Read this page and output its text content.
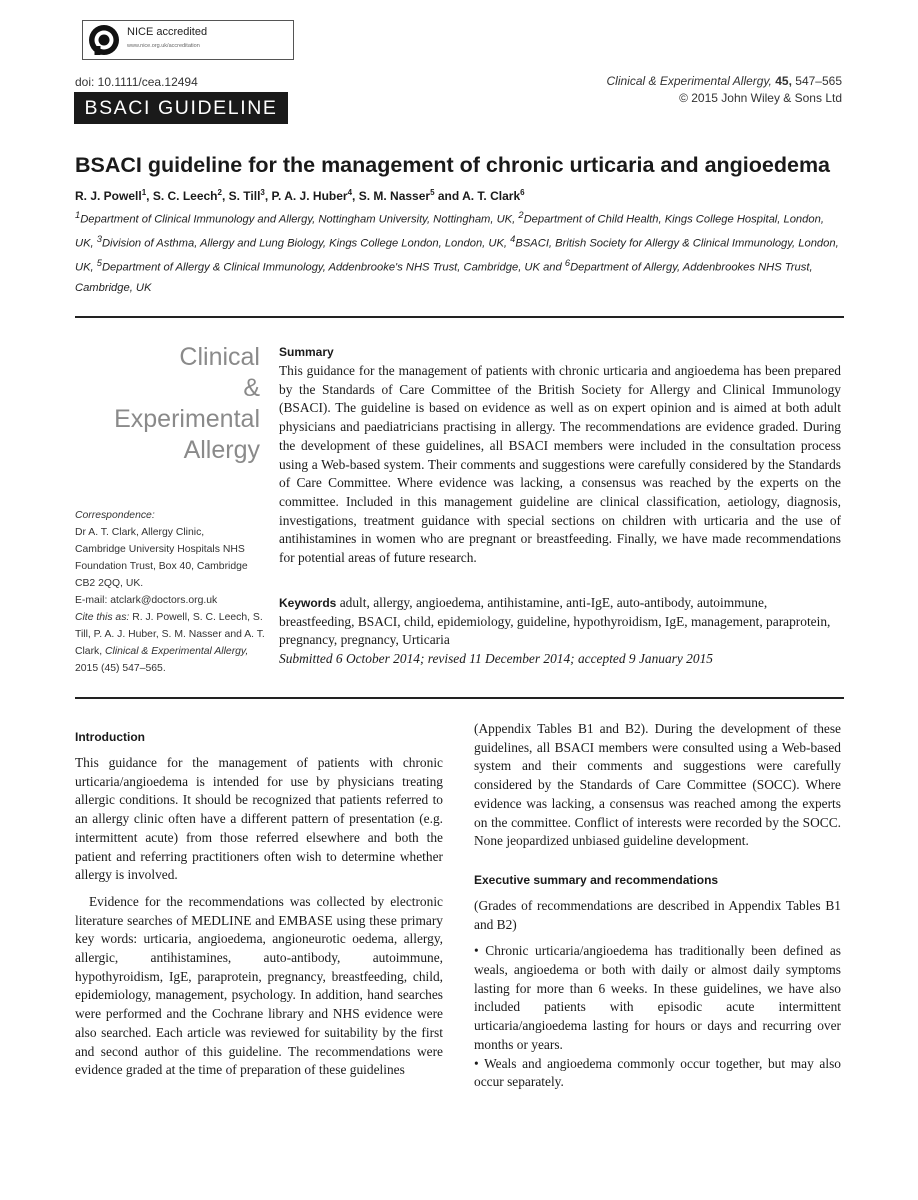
NICE accredited
www.nice.org.uk/accreditation
doi: 10.1111/cea.12494	Clinical & Experimental Allergy, 45, 547–565
© 2015 John Wiley & Sons Ltd
BSACI GUIDELINE
BSACI guideline for the management of chronic urticaria and angioedema
R. J. Powell$^1$, S. C. Leech$^2$, S. Till$^3$, P. A. J. Huber$^4$, S. M. Nasser$^5$ and A. T. Clark$^6$
$^1$Department of Clinical Immunology and Allergy, Nottingham University, Nottingham, UK, $^2$Department of Child Health, Kings College Hospital, London, UK, $^3$Division of Asthma, Allergy and Lung Biology, Kings College London, London, UK, $^4$BSACI, British Society for Allergy & Clinical Immunology, London, UK, $^5$Department of Allergy & Clinical Immunology, Addenbrooke's NHS Trust, Cambridge, UK and $^6$Department of Allergy, Addenbrookes NHS Trust, Cambridge, UK
Clinical
&
Experimental
Allergy
Correspondence:
Dr A. T. Clark, Allergy Clinic,
Cambridge University Hospitals NHS
Foundation Trust, Box 40, Cambridge
CB2 2QQ, UK.
E-mail: atclark@doctors.org.uk
Cite this as: R. J. Powell, S. C. Leech, S. Till, P. A. J. Huber, S. M. Nasser and A. T. Clark, Clinical & Experimental Allergy, 2015 (45) 547–565.
Summary
This guidance for the management of patients with chronic urticaria and angioedema has been prepared by the Standards of Care Committee of the British Society for Allergy and Clinical Immunology (BSACI). The guideline is based on evidence as well as on expert opinion and is aimed at both adult physicians and paediatricians practising in allergy. The recommendations are evidence graded. During the development of these guidelines, all BSACI members were included in the consultation process using a Web-based system. Their comments and suggestions were carefully considered by the Standards of Care Committee. Where evidence was lacking, a consensus was reached by the experts on the committee. Included in this management guideline are clinical classification, aetiology, diagnosis, investigations, treatment guidance with special sections on children with urticaria and the use of antihistamines in women who are pregnant or breastfeeding. Finally, we have made recommendations for potential areas of future research.
Keywords adult, allergy, angioedema, antihistamine, anti-IgE, auto-antibody, autoimmune, breastfeeding, BSACI, child, epidemiology, guideline, hypothyroidism, IgE, management, paraprotein, pregnancy, pregnancy, Urticaria
Submitted 6 October 2014; revised 11 December 2014; accepted 9 January 2015
Introduction

This guidance for the management of patients with chronic urticaria/angioedema is intended for use by physicians treating allergic conditions. It should be recognized that patients referred to an allergy clinic often have a different pattern of presentation (e.g. intermittent acute) from those referred elsewhere and both the patient and referring practitioners often wish to determine whether allergy is involved.

Evidence for the recommendations was collected by electronic literature searches of MEDLINE and EMBASE using these primary key words: urticaria, angioedema, angioneurotic oedema, allergy, allergic, antihistamines, auto-antibody, autoimmune, hypothyroidism, IgE, paraprotein, pregnancy, breastfeeding, child, epidemiology, management, psychology. In addition, hand searches were performed and the Cochrane library and NHS evidence were also searched. Each article was reviewed for suitability by the first and second author of this guideline. The recommendations were evidence graded at the time of preparation of these guidelines

(Appendix Tables B1 and B2). During the development of these guidelines, all BSACI members were consulted using a Web-based system and their comments and suggestions were carefully considered by the Standards of Care Committee (SOCC). Where evidence was lacking, a consensus was reached among the experts on the committee. Conflict of interests were recorded by the SOCC. None jeopardized unbiased guideline development.

Executive summary and recommendations

(Grades of recommendations are described in Appendix Tables B1 and B2)

• Chronic urticaria/angioedema has traditionally been defined as weals, angioedema or both with daily or almost daily symptoms lasting for more than 6 weeks. In these guidelines, we have also included patients with episodic acute intermittent urticaria/angioedema lasting for hours or days and recurring over months or years.

• Weals and angioedema commonly occur together, but may also occur separately.
